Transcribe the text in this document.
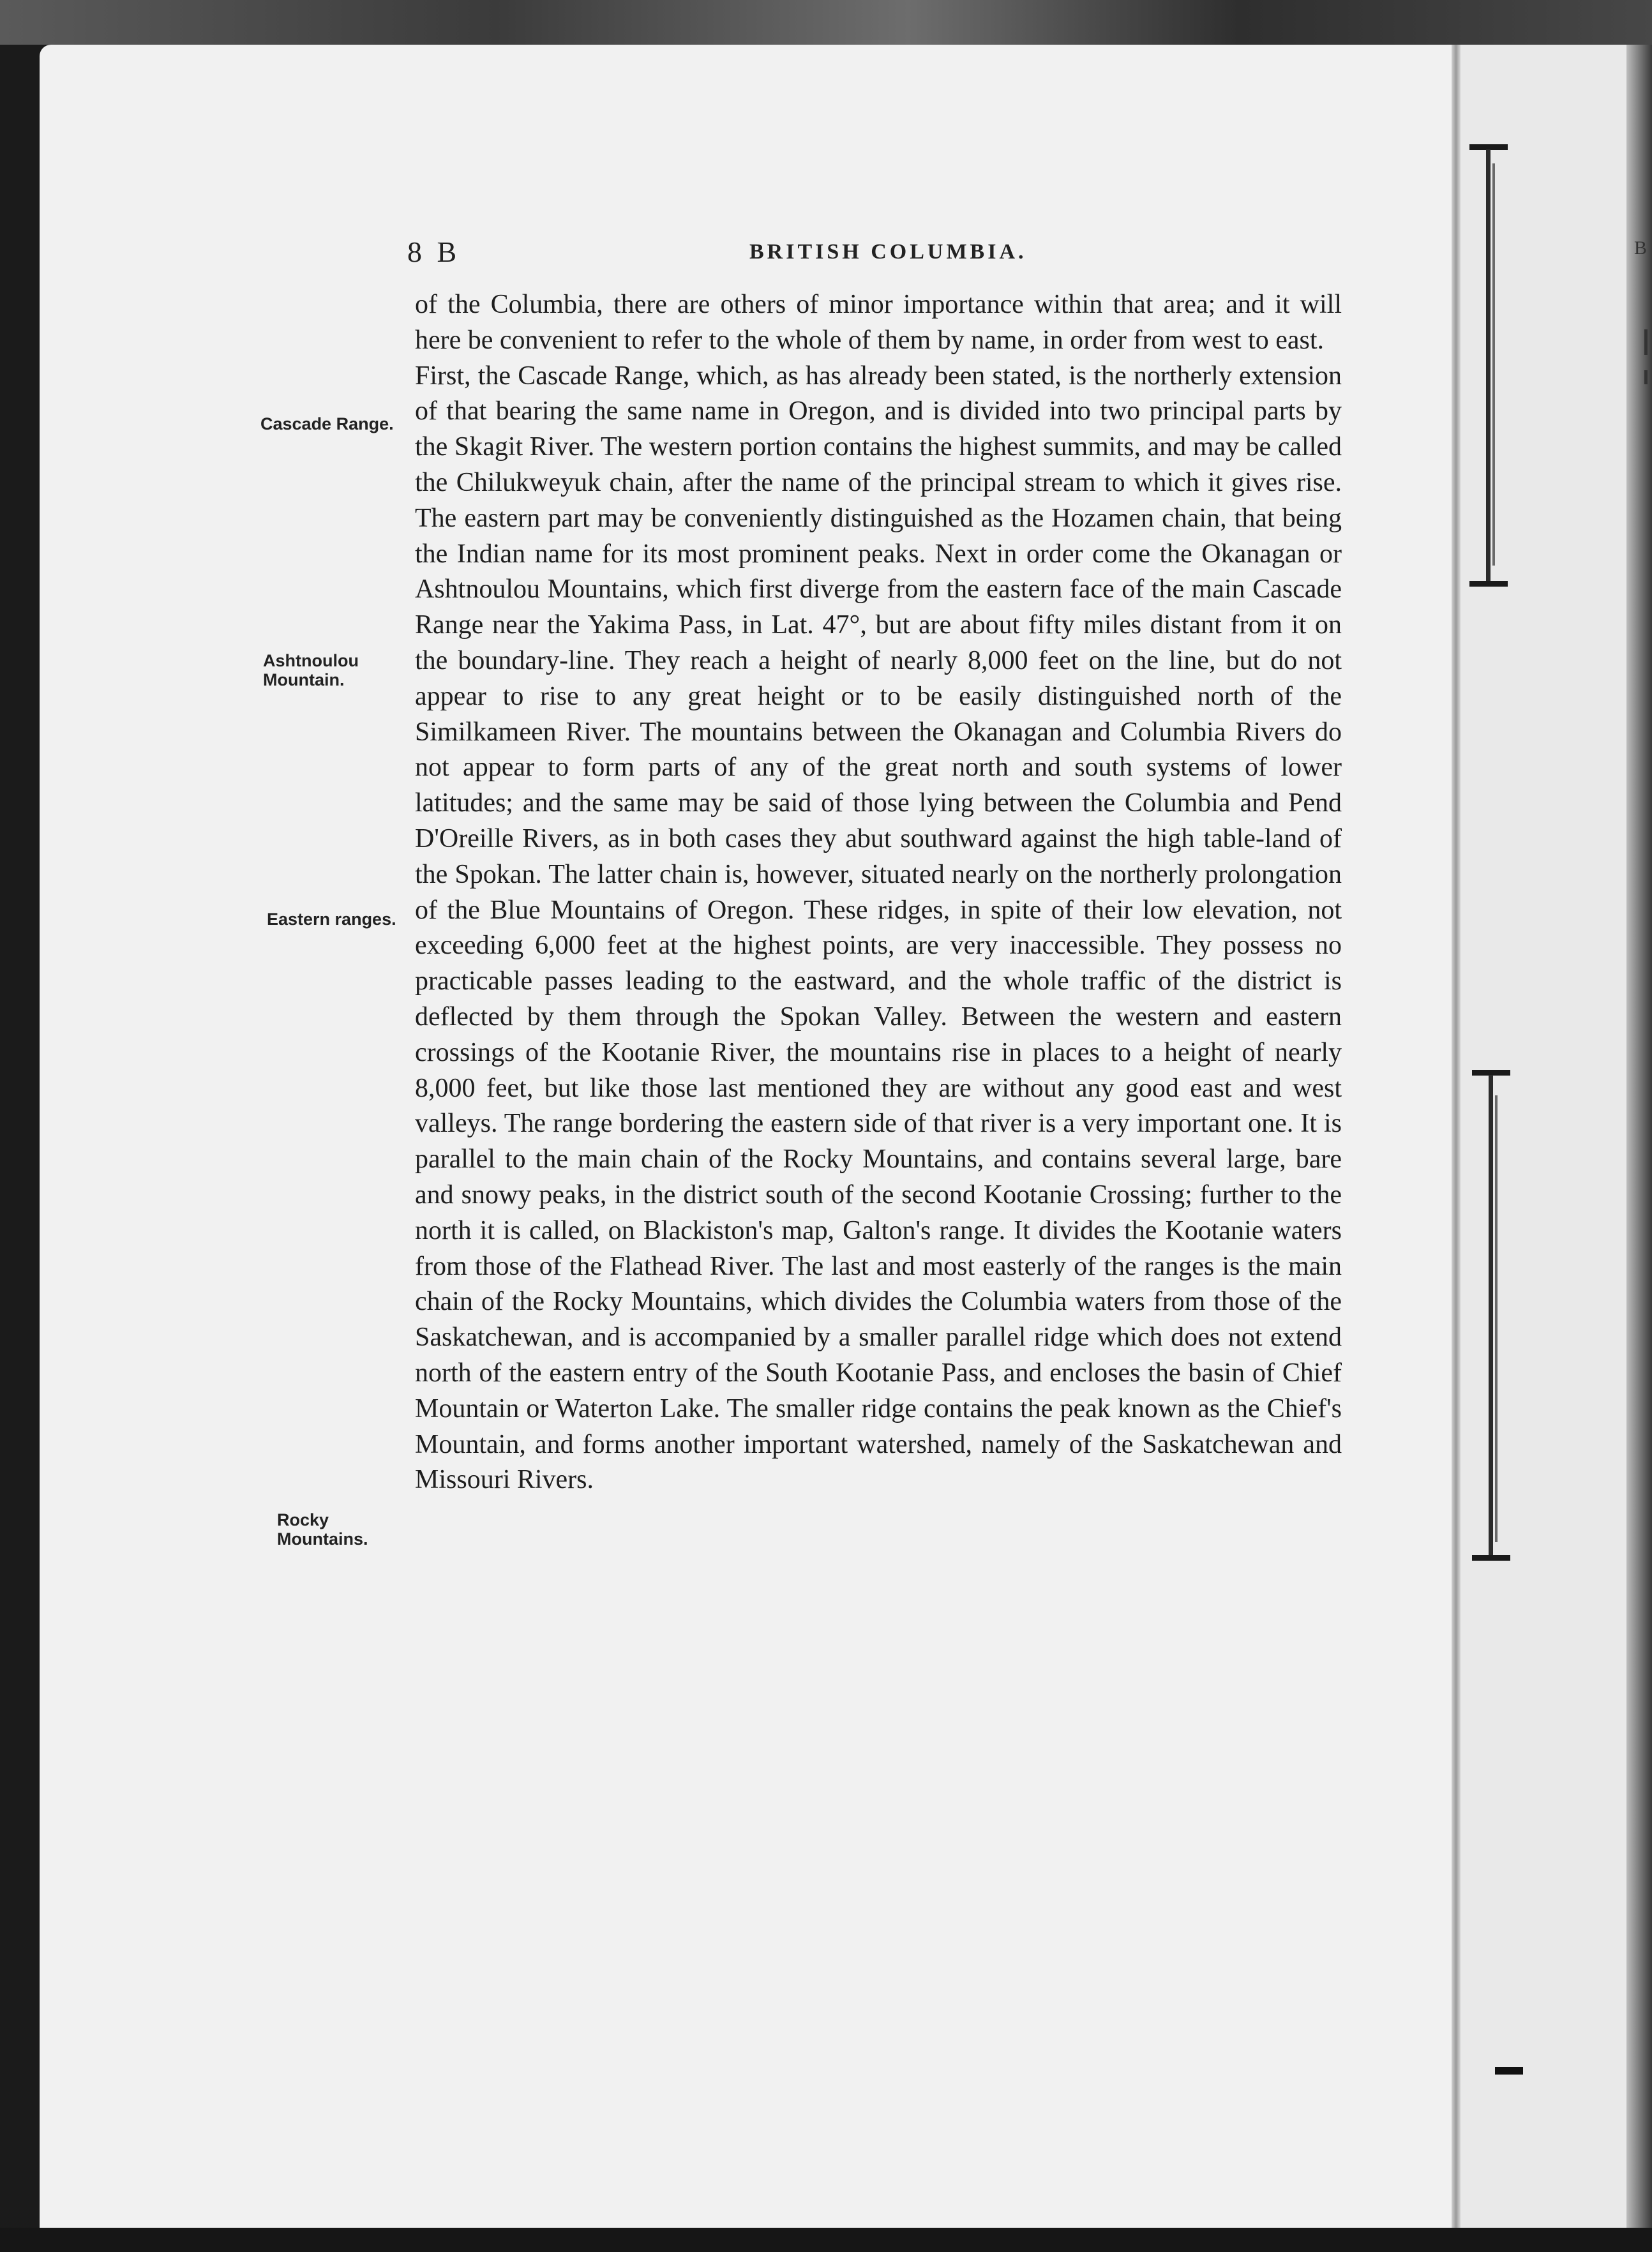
8 B	BRITISH COLUMBIA.	B
Cascade Range.
Ashtnoulou Mountain.
Eastern ranges.
Rocky Mountains.

of the Columbia, there are others of minor importance within that area; and it will here be convenient to refer to the whole of them by name, in order from west to east.

First, the Cascade Range, which, as has already been stated, is the northerly extension of that bearing the same name in Oregon, and is divided into two principal parts by the Skagit River. The western portion contains the highest summits, and may be called the Chilukweyuk chain, after the name of the principal stream to which it gives rise. The eastern part may be conveniently distinguished as the Hozamen chain, that being the Indian name for its most prominent peaks. Next in order come the Okanagan or Ashtnoulou Mountains, which first diverge from the eastern face of the main Cascade Range near the Yakima Pass, in Lat. 47°, but are about fifty miles distant from it on the boundary-line. They reach a height of nearly 8,000 feet on the line, but do not appear to rise to any great height or to be easily distinguished north of the Similkameen River. The mountains between the Okanagan and Columbia Rivers do not appear to form parts of any of the great north and south systems of lower latitudes; and the same may be said of those lying between the Columbia and Pend D'Oreille Rivers, as in both cases they abut southward against the high table-land of the Spokan. The latter chain is, however, situated nearly on the northerly prolongation of the Blue Mountains of Oregon. These ridges, in spite of their low elevation, not exceeding 6,000 feet at the highest points, are very inaccessible. They possess no practicable passes leading to the eastward, and the whole traffic of the district is deflected by them through the Spokan Valley. Between the western and eastern crossings of the Kootanie River, the mountains rise in places to a height of nearly 8,000 feet, but like those last mentioned they are without any good east and west valleys. The range bordering the eastern side of that river is a very important one. It is parallel to the main chain of the Rocky Mountains, and contains several large, bare and snowy peaks, in the district south of the second Kootanie Crossing; further to the north it is called, on Blackiston's map, Galton's range. It divides the Kootanie waters from those of the Flathead River. The last and most easterly of the ranges is the main chain of the Rocky Mountains, which divides the Columbia waters from those of the Saskatchewan, and is accompanied by a smaller parallel ridge which does not extend north of the eastern entry of the South Kootanie Pass, and encloses the basin of Chief Mountain or Waterton Lake. The smaller ridge contains the peak known as the Chief's Mountain, and forms another important watershed, namely of the Saskatchewan and Missouri Rivers.
